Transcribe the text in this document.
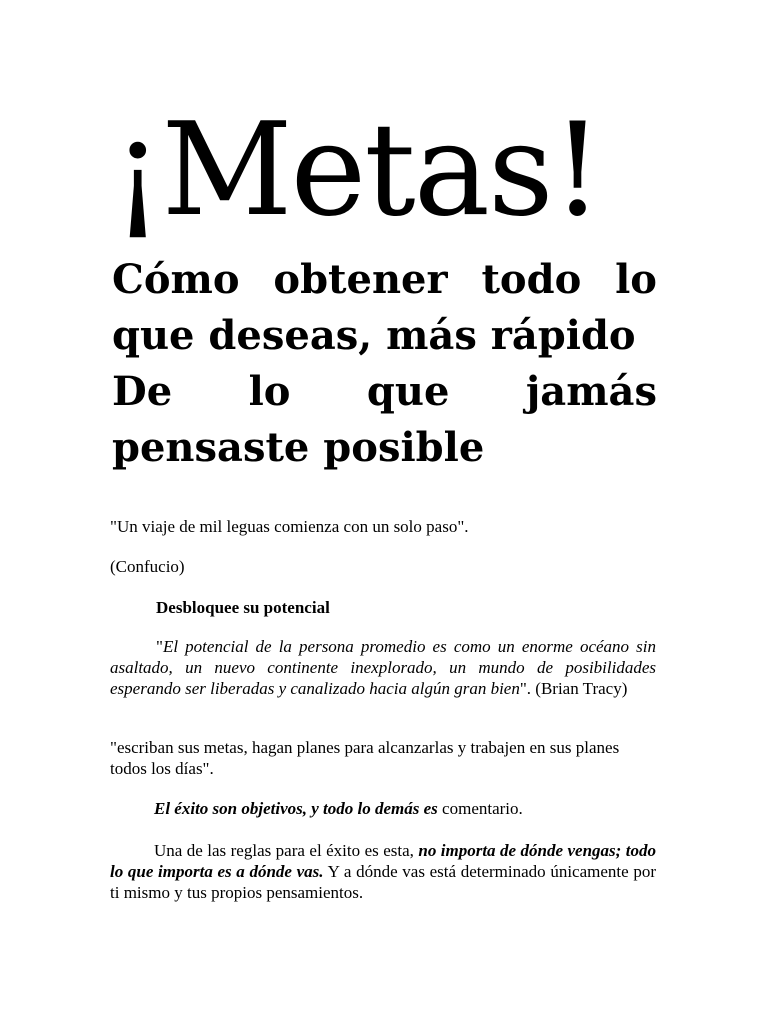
¡Metas!
Cómo obtener todo lo
que deseas, más rápido
De lo que jamás
pensaste posible

"Un viaje de mil leguas comienza con un solo paso".

(Confucio)

Desbloquee su potencial

"El potencial de la persona promedio es como un enorme océano sin asaltado, un nuevo continente inexplorado, un mundo de posibilidades esperando ser liberadas y canalizado hacia algún gran bien". (Brian Tracy)

"escriban sus metas, hagan planes para alcanzarlas y trabajen en sus planes todos los días".

El éxito son objetivos, y todo lo demás es comentario.

Una de las reglas para el éxito es esta, no importa de dónde vengas; todo lo que importa es a dónde vas. Y a dónde vas está determinado únicamente por ti mismo y tus propios pensamientos.
